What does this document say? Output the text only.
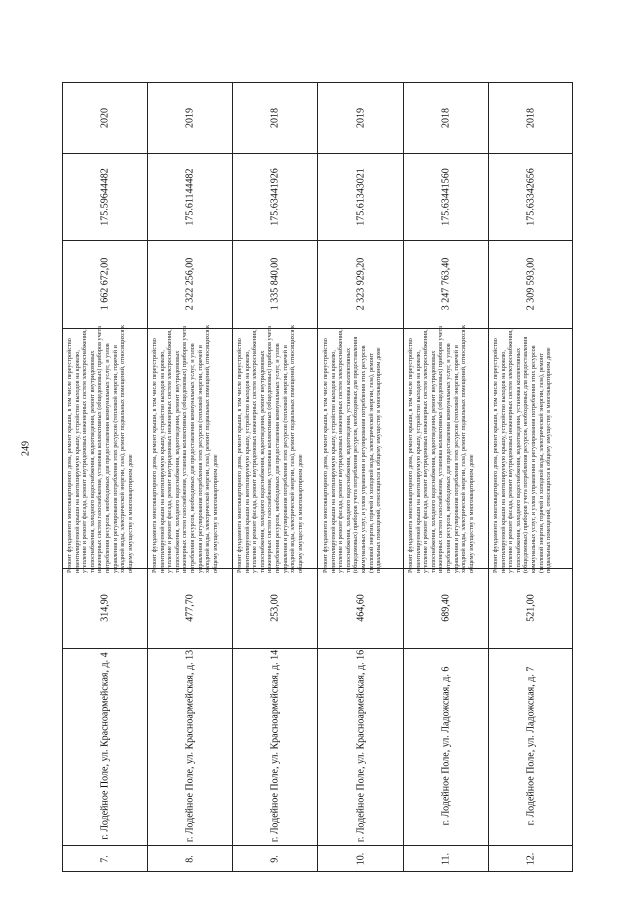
249
2020
175.59644482
1 662 672,00
Ремонт фундамента многоквартирного дома, ремонт крыши, в том числе переустройство невентилируемой крыши на вентилируемую крышу, устройство выходов на кровлю, утепление и ремонт фасада, ремонт внутридомовых инженерных систем электроснабжения, теплоснабжения, холодного водоснабжения, водоотведения, ремонт внутридомовых инженерных систем газоснабжения, установка коллективных (общедомовых) приборов учета потребления ресурсов, необходимых для предоставления коммунальных услуг, и узлов управления и регулирования потребления этих ресурсов (тепловой энергии, горячей и холодной воды, электрической энергии, газа), ремонт подвальных помещений, относящихся к общему имуществу в многоквартирном доме
314,90
г. Лодейное Поле, ул. Красноармейская, д. 4
7.
2019
175.61144482
2 322 256,00
Ремонт фундамента многоквартирного дома, ремонт крыши, в том числе переустройство невентилируемой крыши на вентилируемую крышу, устройство выходов на кровлю, утепление и ремонт фасада, ремонт внутридомовых инженерных систем электроснабжения, теплоснабжения, холодного водоснабжения, водоотведения, ремонт внутридомовых инженерных систем газоснабжения, установка коллективных (общедомовых) приборов учета потребления ресурсов, необходимых для предоставления коммунальных услуг, и узлов управления и регулирования потребления этих ресурсов (тепловой энергии, горячей и холодной воды, электрической энергии, газа), ремонт подвальных помещений, относящихся к общему имуществу в многоквартирном доме
477,70
г. Лодейное Поле, ул. Красноармейская, д. 13
8.
2018
175.63441926
1 335 840,00
Ремонт фундамента многоквартирного дома, ремонт крыши, в том числе переустройство невентилируемой крыши на вентилируемую крышу, устройство выходов на кровлю, утепление и ремонт фасада, ремонт внутридомовых инженерных систем электроснабжения, теплоснабжения, холодного водоснабжения, водоотведения, ремонт внутридомовых инженерных систем газоснабжения, установка коллективных (общедомовых) приборов учета потребления ресурсов, необходимых для предоставления коммунальных услуг, и узлов управления и регулирования потребления этих ресурсов (тепловой энергии, горячей и холодной воды, электрической энергии, газа), ремонт подвальных помещений, относящихся к общему имуществу в многоквартирном доме
253,00
г. Лодейное Поле, ул. Красноармейская, д. 14
9.
2019
175.61343021
2 323 929,20
Ремонт фундамента многоквартирного дома, ремонт крыши, в том числе переустройство невентилируемой крыши на вентилируемую крышу, устройство выходов на кровлю, утепление и ремонт фасада, ремонт внутридомовых инженерных систем электроснабжения, теплоснабжения, холодного водоснабжения, водоотведения, установка коллективных (общедомовых) приборов учета потребления ресурсов, необходимых для предоставления коммунальных услуг, и узлов управления и регулирования потребления этих ресурсов (тепловой энергии, горячей и холодной воды, электрической энергии, газа), ремонт подвальных помещений, относящихся к общему имуществу в многоквартирном доме
464,60
г. Лодейное Поле, ул. Красноармейская, д. 16
10.
2018
175.63441560
3 247 763,40
Ремонт фундамента многоквартирного дома, ремонт крыши, в том числе переустройство невентилируемой крыши на вентилируемую крышу, устройство выходов на кровлю, утепление и ремонт фасада, ремонт внутридомовых инженерных систем электроснабжения, теплоснабжения, холодного водоснабжения, водоотведения, ремонт внутридомовых инженерных систем газоснабжения, установка коллективных (общедомовых) приборов учета потребления ресурсов, необходимых для предоставления коммунальных услуг, и узлов управления и регулирования потребления этих ресурсов (тепловой энергии, горячей и холодной воды, электрической энергии, газа), ремонт подвальных помещений, относящихся к общему имуществу в многоквартирном доме
689,40
г. Лодейное Поле, ул. Ладожская, д. 6
11.
2018
175.63342656
2 309 593,00
Ремонт фундамента многоквартирного дома, ремонт крыши, в том числе переустройство невентилируемой крыши на вентилируемую крышу, устройство выходов на кровлю, утепление и ремонт фасада, ремонт внутридомовых инженерных систем электроснабжения, теплоснабжения, холодного водоснабжения, водоотведения, установка коллективных (общедомовых) приборов учета потребления ресурсов, необходимых для предоставления коммунальных услуг, и узлов управления и регулирования потребления этих ресурсов (тепловой энергии, горячей и холодной воды, электрической энергии, газа), ремонт подвальных помещений, относящихся к общему имуществу в многоквартирном доме
521,00
г. Лодейное Поле, ул. Ладожская, д. 7
12.
